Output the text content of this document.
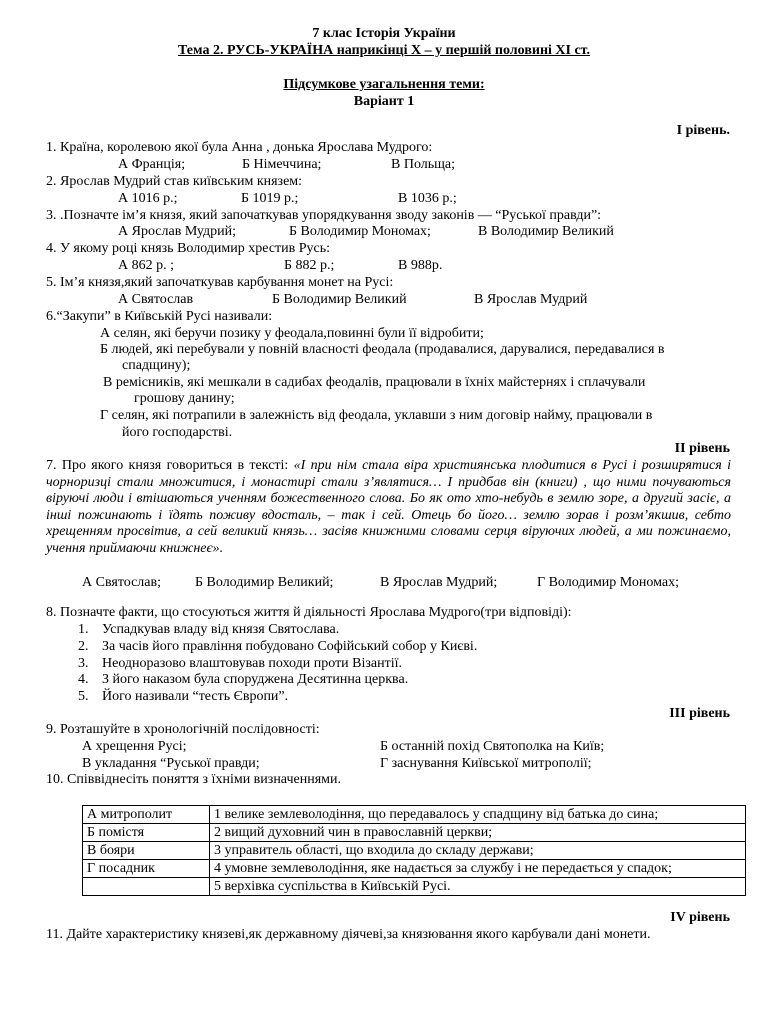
7 клас Історія України
Тема 2. РУСЬ-УКРАЇНА наприкінці X – у першій половині XI ст.
Підсумкове узагальнення теми:
Варіант 1
I рівень.
1. Країна, королевою якої була Анна , донька Ярослава Мудрого:
А Франція;	Б Німеччина;	В Польща;
2. Ярослав Мудрий став київським князем:
А 1016 р.;	Б 1019 р.;	В 1036 р.;
3. .Позначте ім’я князя, який започаткував упорядкування зводу законів — “Руської правди”:
А Ярослав Мудрий;	Б Володимир Мономах;	В Володимир Великий
4. У якому році князь Володимир хрестив Русь:
А 862 р. ;	Б 882 р.;	В 988р.
5. Ім’я князя,який започаткував карбування монет на Русі:
А Святослав	Б Володимир Великий	В Ярослав Мудрий
6.“Закупи” в Київській Русі називали:
А селян, які беручи позику у феодала,повинні були її відробити;
Б людей, які перебували у повній власності феодала (продавалися, дарувалися, передавалися в
спадщину);
В ремісників, які мешкали в садибах феодалів, працювали в їхніх майстернях і сплачували
грошову данину;
Г селян, які потрапили в залежність від феодала, уклавши з ним договір найму, працювали в
його господарстві.
II рівень
7. Про якого князя говориться в тексті: «І при нім стала віра християнська плодитися в Русі і розширятися і чорноризці стали множитися, і монастирі стали з’являтися… І придбав він (книги) , що ними почуваються віруючі люди і втішаються ученням божественного слова. Бо як ото хто-небудь в землю зоре, а другий засіє, а інші пожинають і їдять поживу вдосталь, – так і сей. Отець бо його… землю зорав і розм’якшив, себто хрещенням просвітив, а сей великий князь… засіяв книжними словами серця віруючих людей, а ми пожинаємо, учення приймаючи книжнеє».
А Святослав; Б Володимир Великий;	В Ярослав Мудрий;	Г Володимир Мономах;
8. Позначте факти, що стосуються життя й діяльності Ярослава Мудрого(три відповіді):
1. Успадкував владу від князя Святослава.
2. За часів його правління побудовано Софійський собор у Києві.
3. Неодноразово влаштовував походи проти Візантії.
4. З його наказом була споруджена Десятинна церква.
5. Його називали “тесть Європи”.
III рівень
9. Розташуйте в хронологічній послідовності:
А хрещення Русі;	Б останній похід Святополка на Київ;
В укладання “Руської правди;	Г заснування Київської митрополії;
10. Співвіднесіть поняття з їхніми визначеннями.
А митрополит	1 велике землеволодіння, що передавалось у спадщину від батька до сина;
Б помістя	2 вищий духовний чин в православній церкви;
В бояри	3 управитель області, що входила до складу держави;
Г посадник	4 умовне землеволодіння, яке надається за службу і не передається у спадок;
	5 верхівка суспільства в Київській Русі.
IV рівень
11. Дайте характеристику князеві,як державному діячеві,за князювання якого карбували дані монети.
